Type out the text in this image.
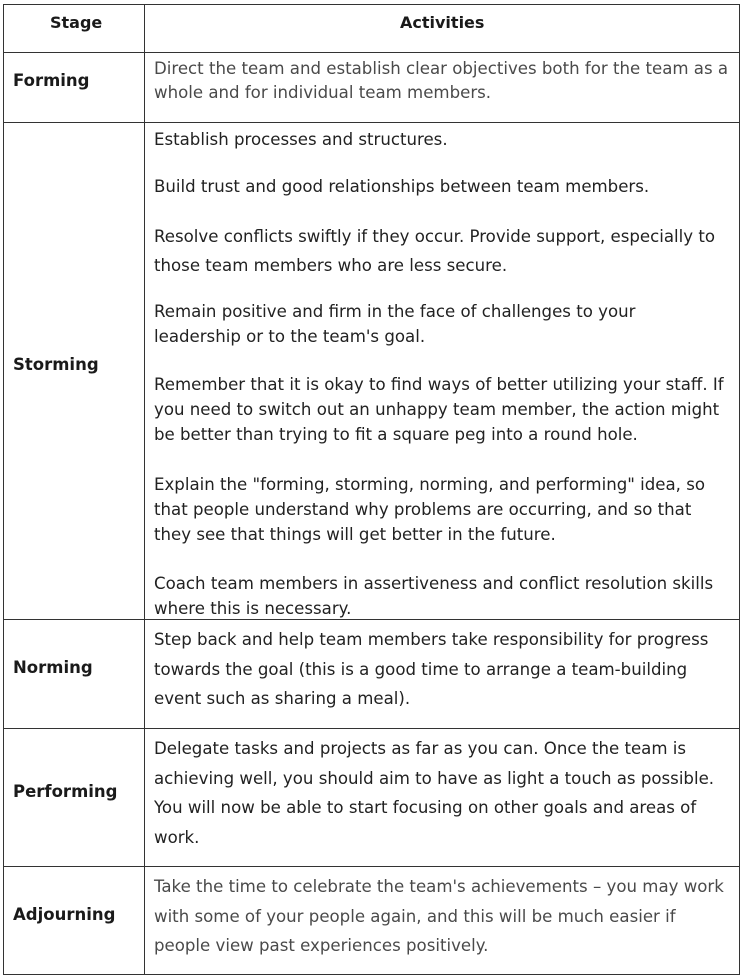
Stage	Activities
Forming
Direct the team and establish clear objectives both for the team as a
whole and for individual team members.
Storming
Establish processes and structures.
Build trust and good relationships between team members.
Resolve conflicts swiftly if they occur. Provide support, especially to
those team members who are less secure.
Remain positive and firm in the face of challenges to your
leadership or to the team's goal.
Remember that it is okay to find ways of better utilizing your staff. If
you need to switch out an unhappy team member, the action might
be better than trying to fit a square peg into a round hole.
Explain the "forming, storming, norming, and performing" idea, so
that people understand why problems are occurring, and so that
they see that things will get better in the future.
Coach team members in assertiveness and conflict resolution skills
where this is necessary.
Norming
Step back and help team members take responsibility for progress
towards the goal (this is a good time to arrange a team-building
event such as sharing a meal).
Performing
Delegate tasks and projects as far as you can. Once the team is
achieving well, you should aim to have as light a touch as possible.
You will now be able to start focusing on other goals and areas of
work.
Adjourning
Take the time to celebrate the team's achievements – you may work
with some of your people again, and this will be much easier if
people view past experiences positively.
